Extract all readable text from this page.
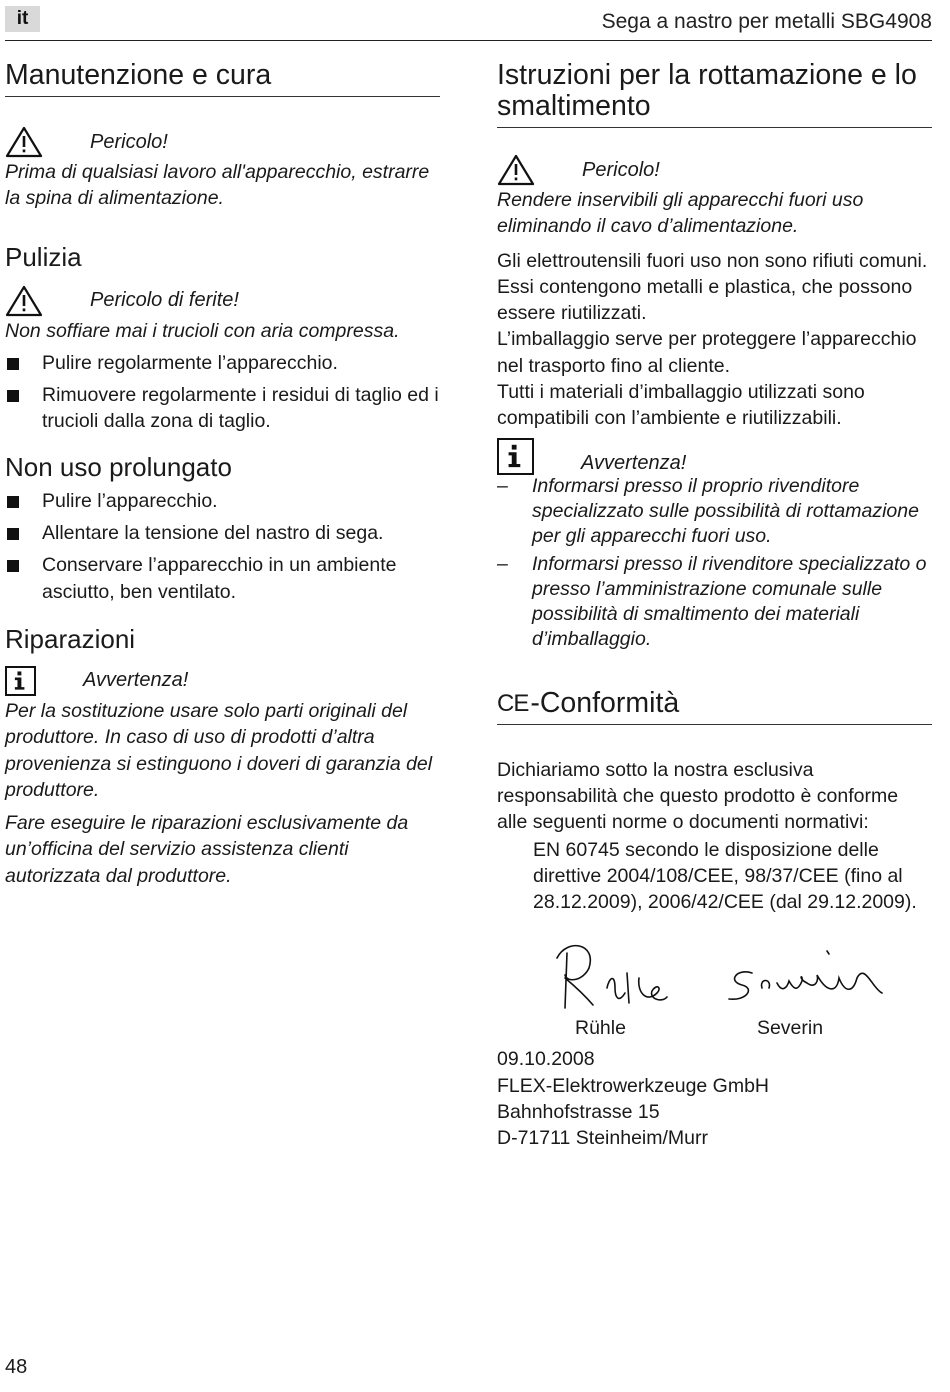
it	Sega a nastro per metalli SBG4908
Manutenzione e cura
Pericolo!

Prima di qualsiasi lavoro all'apparecchio, estrarre la spina di alimentazione.

Pulizia
Pericolo di ferite!

Non soffiare mai i trucioli con aria compressa.

Pulire regolarmente l’apparecchio.
Rimuovere regolarmente i residui di taglio ed i trucioli dalla zona di taglio.
Non uso prolungato
Pulire l’apparecchio.
Allentare la tensione del nastro di sega.
Conservare l’apparecchio in un ambiente asciutto, ben ventilato.
Riparazioni
Avvertenza!

Per la sostituzione usare solo parti originali del produttore. In caso di uso di prodotti d’altra provenienza si estinguono i doveri di garanzia del produttore.

Fare eseguire le riparazioni esclusivamente da un’officina del servizio assistenza clienti autorizzata dal produttore.

Istruzioni per la rottamazione e lo smaltimento
Pericolo!

Rendere inservibili gli apparecchi fuori uso eliminando il cavo d’alimentazione.

Gli elettroutensili fuori uso non sono rifiuti comuni. Essi contengono metalli e plastica, che possono essere riutilizzati.

L’imballaggio serve per proteggere l’apparecchio nel trasporto fino al cliente.

Tutti i materiali d’imballaggio utilizzati sono compatibili con l’ambiente e riutilizzabili.

Avvertenza!
–	Informarsi presso il proprio rivenditore specializzato sulle possibilità di rottamazione per gli apparecchi fuori uso.
–	Informarsi presso il rivenditore specializzato o presso l’amministrazione comunale sulle possibilità di smaltimento dei materiali d’imballaggio.
CE -Conformità

Dichiariamo sotto la nostra esclusiva responsabilità che questo prodotto è conforme alle seguenti norme o documenti normativi:

EN 60745 secondo le disposizione delle direttive 2004/108/CEE, 98/37/CEE (fino al 28.12.2009), 2006/42/CEE (dal 29.12.2009).

Rühle	Severin

09.10.2008

FLEX-Elektrowerkzeuge GmbH

Bahnhofstrasse 15

D-71711 Steinheim/Murr

48
